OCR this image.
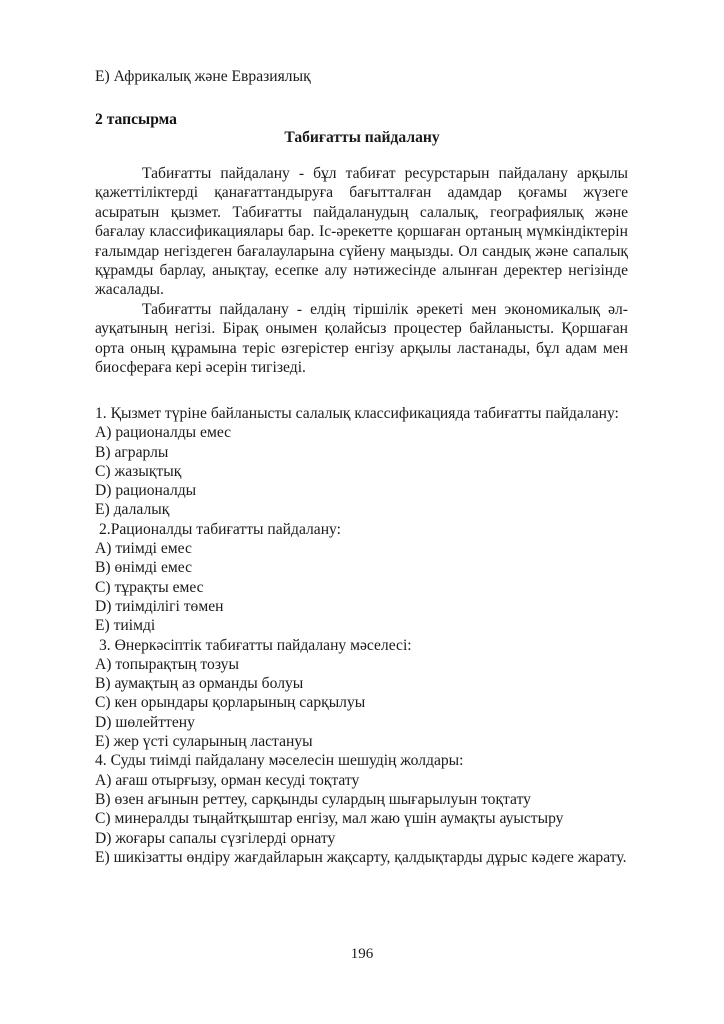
E) Африкалық және Евразиялық
2 тапсырма
Табиғатты пайдалану
Табиғатты пайдалану - бұл табиғат ресурстарын пайдалану арқылы қажеттіліктерді қанағаттандыруға бағытталған адамдар қоғамы жүзеге асыратын қызмет. Табиғатты пайдаланудың салалық, географиялық және бағалау классификациялары бар. Іс-әрекетте қоршаған ортаның мүмкіндіктерін ғалымдар негіздеген бағалауларына сүйену маңызды. Ол сандық және сапалық құрамды барлау, анықтау, есепке алу нәтижесінде алынған деректер негізінде жасалады.
Табиғатты пайдалану - елдің тіршілік әрекеті мен экономикалық әл-ауқатының негізі. Бірақ онымен қолайсыз процестер байланысты. Қоршаған орта оның құрамына теріс өзгерістер енгізу арқылы ластанады, бұл адам мен биосфераға кері әсерін тигізеді.
1. Қызмет түріне байланысты салалық классификацияда табиғатты пайдалану:
A) рационалды емес
B) аграрлы
C) жазықтық
D) рационалды
E) далалық
2.Рационалды табиғатты пайдалану:
A) тиімді емес
B) өнімді емес
C) тұрақты емес
D) тиімділігі төмен
E) тиімді
3. Өнеркәсіптік табиғатты пайдалану мәселесі:
A) топырақтың тозуы
B) аумақтың аз орманды болуы
C) кен орындары қорларының сарқылуы
D) шөлейттену
E) жер үсті суларының ластануы
4. Суды тиімді пайдалану мәселесін шешудің жолдары:
A) ағаш отырғызу, орман кесуді тоқтату
B) өзен ағынын реттеу, сарқынды сулардың шығарылуын тоқтату
C) минералды тыңайтқыштар енгізу, мал жаю үшін аумақты ауыстыру
D) жоғары сапалы сүзгілерді орнату
E) шикізатты өндіру жағдайларын жақсарту, қалдықтарды дұрыс кәдеге жарату.
196
